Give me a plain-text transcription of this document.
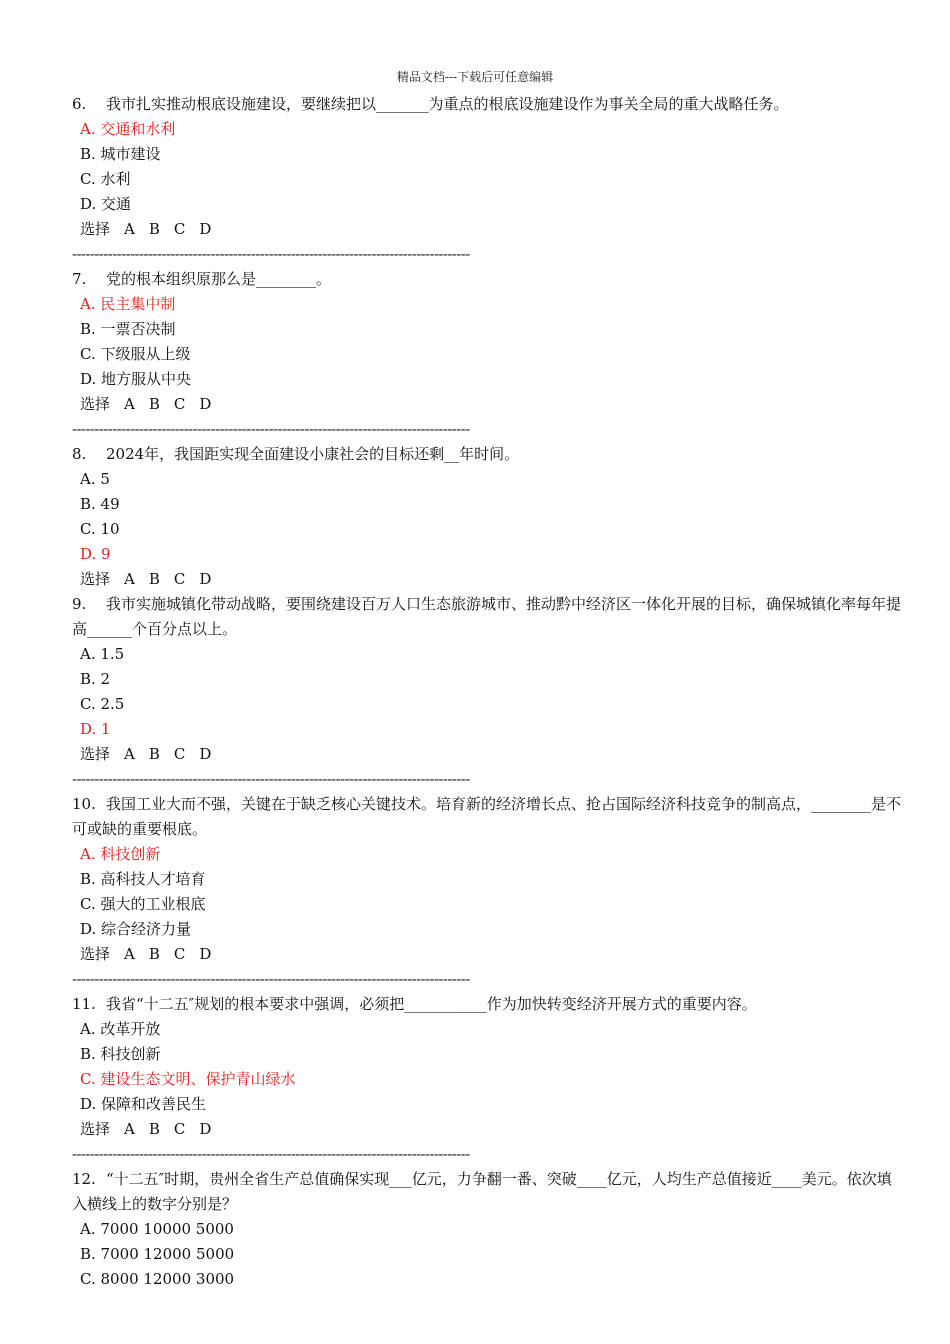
精品文档---下载后可任意编辑
6. 我市扎实推动根底设施建设，要继续把以_______为重点的根底设施建设作为事关全局的重大战略任务。
A. 交通和水利
B. 城市建设
C. 水利
D. 交通
选择 A B C D
-----------------------------------------------------------------------------------------
7. 党的根本组织原那么是________。
A. 民主集中制
B. 一票否决制
C. 下级服从上级
D. 地方服从中央
选择 A B C D
-----------------------------------------------------------------------------------------
8. 2024年，我国距实现全面建设小康社会的目标还剩__年时间。
A. 5
B. 49
C. 10
D. 9
选择 A B C D
9. 我市实施城镇化带动战略，要围绕建设百万人口生态旅游城市、推动黔中经济区一体化开展的目标，确保城镇化率每年提高______个百分点以上。
A. 1.5
B. 2
C. 2.5
D. 1
选择 A B C D
-----------------------------------------------------------------------------------------
10. 我国工业大而不强，关键在于缺乏核心关键技术。培育新的经济增长点、抢占国际经济科技竞争的制高点，________是不可或缺的重要根底。
A. 科技创新
B. 高科技人才培育
C. 强大的工业根底
D. 综合经济力量
选择 A B C D
-----------------------------------------------------------------------------------------
11. 我省“十二五″规划的根本要求中强调，必须把___________作为加快转变经济开展方式的重要内容。
A. 改革开放
B. 科技创新
C. 建设生态文明、保护青山绿水
D. 保障和改善民生
选择 A B C D
-----------------------------------------------------------------------------------------
12. “十二五″时期，贵州全省生产总值确保实现___亿元，力争翻一番、突破____亿元，人均生产总值接近____美元。依次填入横线上的数字分别是？
A. 7000 10000 5000
B. 7000 12000 5000
C. 8000 12000 3000
